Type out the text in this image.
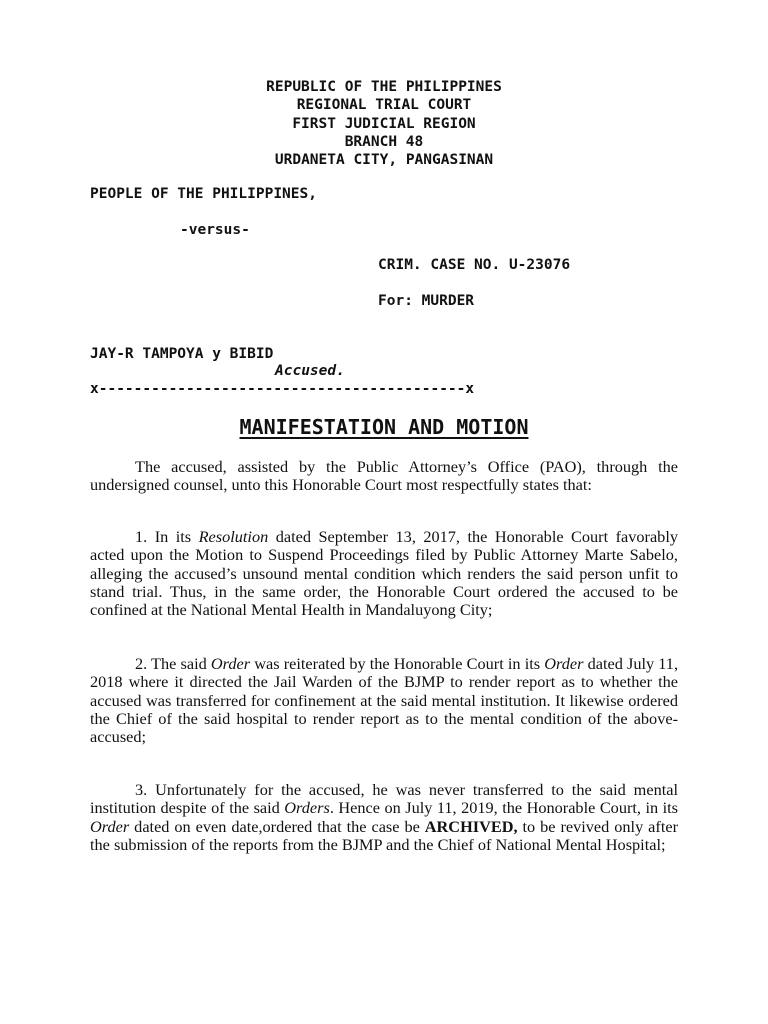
REPUBLIC OF THE PHILIPPINES
REGIONAL TRIAL COURT
FIRST JUDICIAL REGION
BRANCH 48
URDANETA CITY, PANGASINAN
PEOPLE OF THE PHILIPPINES,
-versus-
CRIM. CASE NO. U-23076
For: MURDER
JAY-R TAMPOYA y BIBID
Accused.
x------------------------------------------x
MANIFESTATION AND MOTION

The accused, assisted by the Public Attorney’s Office (PAO), through the undersigned counsel, unto this Honorable Court most respectfully states that:

1. In its Resolution dated September 13, 2017, the Honorable Court favorably acted upon the Motion to Suspend Proceedings filed by Public Attorney Marte Sabelo, alleging the accused’s unsound mental condition which renders the said person unfit to stand trial. Thus, in the same order, the Honorable Court ordered the accused to be confined at the National Mental Health in Mandaluyong City;

2. The said Order was reiterated by the Honorable Court in its Order dated July 11, 2018 where it directed the Jail Warden of the BJMP to render report as to whether the accused was transferred for confinement at the said mental institution. It likewise ordered the Chief of the said hospital to render report as to the mental condition of the above-accused;

3. Unfortunately for the accused, he was never transferred to the said mental institution despite of the said Orders. Hence on July 11, 2019, the Honorable Court, in its Order dated on even date,ordered that the case be ARCHIVED, to be revived only after the submission of the reports from the BJMP and the Chief of National Mental Hospital;
